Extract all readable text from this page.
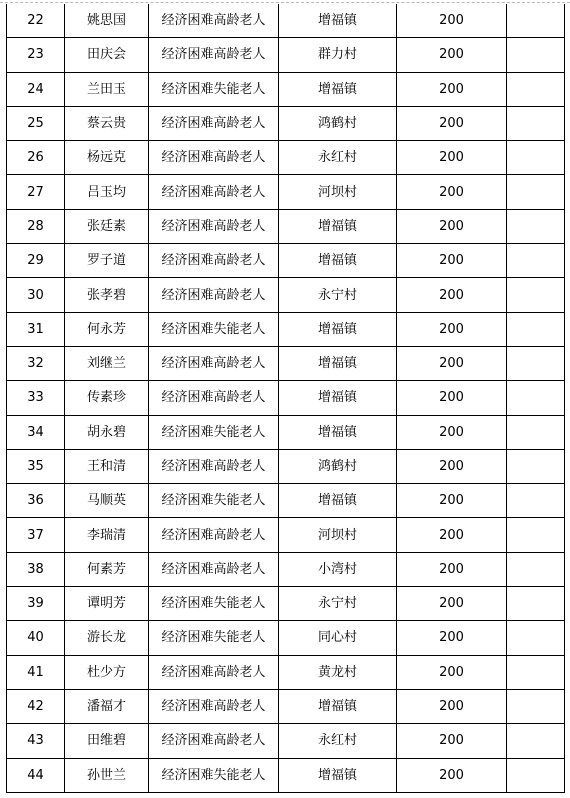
22	姚思国	经济困难高龄老人	增福镇	200	
23	田庆会	经济困难高龄老人	群力村	200	
24	兰田玉	经济困难失能老人	增福镇	200	
25	蔡云贵	经济困难高龄老人	鸿鹤村	200	
26	杨远克	经济困难高龄老人	永红村	200	
27	吕玉均	经济困难高龄老人	河坝村	200	
28	张廷素	经济困难高龄老人	增福镇	200	
29	罗子道	经济困难高龄老人	增福镇	200	
30	张孝碧	经济困难高龄老人	永宁村	200	
31	何永芳	经济困难失能老人	增福镇	200	
32	刘继兰	经济困难高龄老人	增福镇	200	
33	传素珍	经济困难高龄老人	增福镇	200	
34	胡永碧	经济困难失能老人	增福镇	200	
35	王和清	经济困难高龄老人	鸿鹤村	200	
36	马顺英	经济困难失能老人	增福镇	200	
37	李瑞清	经济困难高龄老人	河坝村	200	
38	何素芳	经济困难高龄老人	小湾村	200	
39	谭明芳	经济困难失能老人	永宁村	200	
40	游长龙	经济困难失能老人	同心村	200	
41	杜少方	经济困难高龄老人	黄龙村	200	
42	潘福才	经济困难高龄老人	增福镇	200	
43	田维碧	经济困难高龄老人	永红村	200	
44	孙世兰	经济困难失能老人	增福镇	200	
